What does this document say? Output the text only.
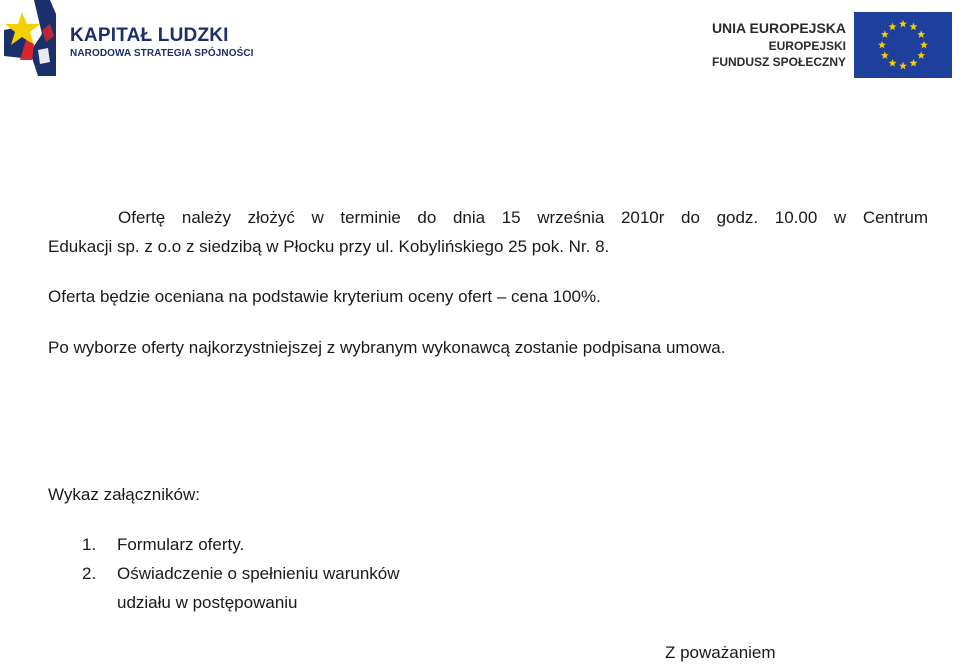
KAPITAŁ LUDZKI

NARODOWA STRATEGIA SPÓJNOŚCI

UNIA EUROPEJSKA

EUROPEJSKI

FUNDUSZ SPOŁECZNY

Ofertę należy złożyć w terminie do dnia 15 września 2010r do godz. 10.00 w Centrum
Edukacji sp. z o.o z siedzibą w Płocku przy ul. Kobylińskiego 25 pok. Nr. 8.
Oferta będzie oceniana na podstawie kryterium oceny ofert – cena 100%.
Po wyborze oferty najkorzystniejszej z wybranym wykonawcą zostanie podpisana umowa.
Wykaz załączników:
1.	Formularz oferty.
2.	Oświadczenie o spełnieniu warunków
udziału w postępowaniu
Z poważaniem
